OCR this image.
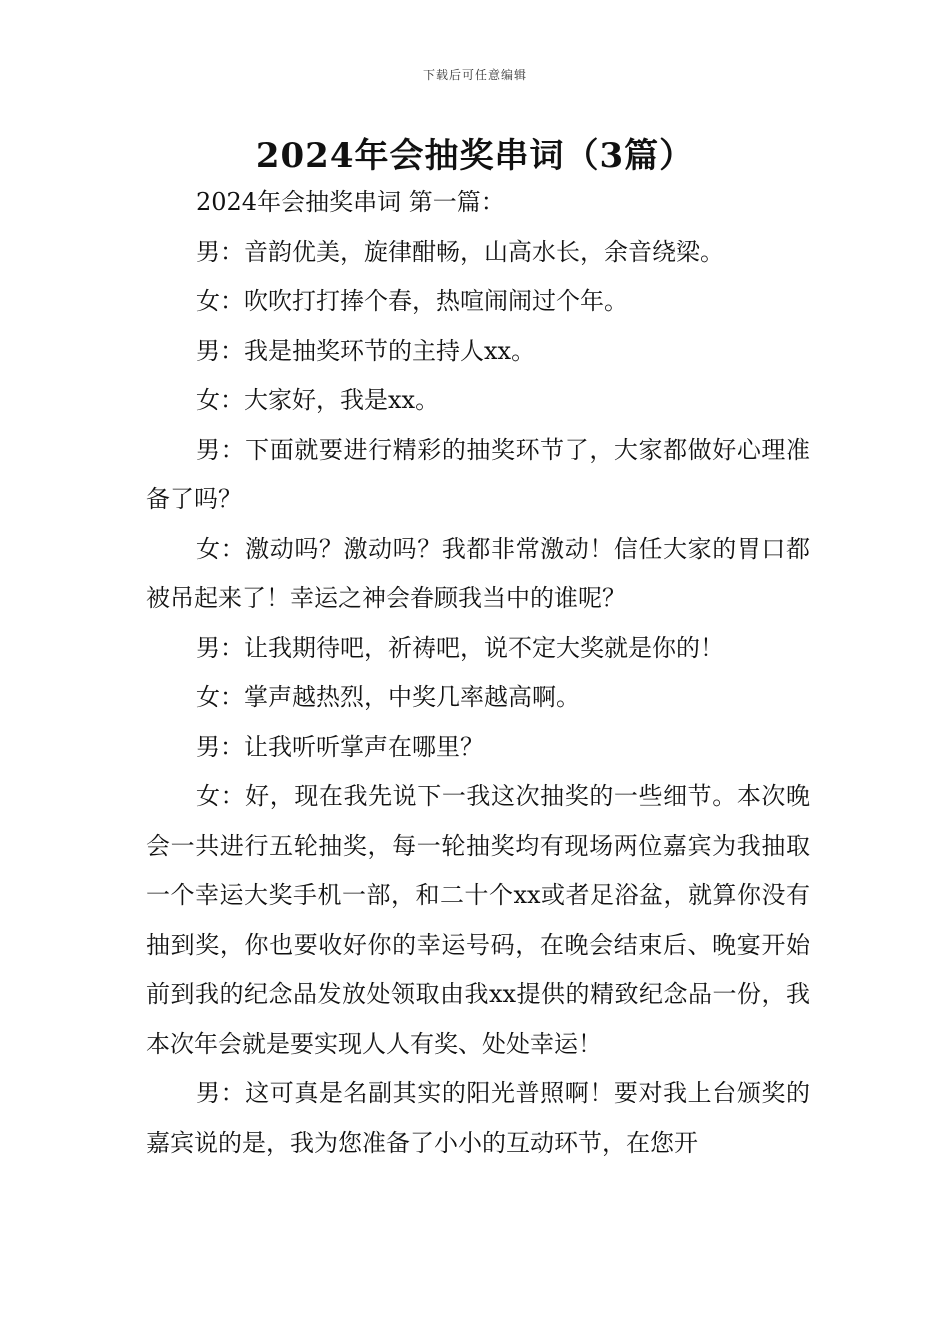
下载后可任意编辑
2024年会抽奖串词（3篇）

2024年会抽奖串词 第一篇：

男：音韵优美，旋律酣畅，山高水长，余音绕梁。

女：吹吹打打捧个春，热喧闹闹过个年。

男：我是抽奖环节的主持人xx。

女：大家好，我是xx。

男：下面就要进行精彩的抽奖环节了，大家都做好心理准备了吗？

女：激动吗？激动吗？我都非常激动！信任大家的胃口都被吊起来了！幸运之神会眷顾我当中的谁呢？

男：让我期待吧，祈祷吧，说不定大奖就是你的！

女：掌声越热烈，中奖几率越高啊。

男：让我听听掌声在哪里？

女：好，现在我先说下一我这次抽奖的一些细节。本次晚会一共进行五轮抽奖，每一轮抽奖均有现场两位嘉宾为我抽取一个幸运大奖手机一部，和二十个xx或者足浴盆，就算你没有抽到奖，你也要收好你的幸运号码，在晚会结束后、晚宴开始前到我的纪念品发放处领取由我xx提供的精致纪念品一份，我本次年会就是要实现人人有奖、处处幸运！

男：这可真是名副其实的阳光普照啊！要对我上台颁奖的嘉宾说的是，我为您准备了小小的互动环节，在您开
